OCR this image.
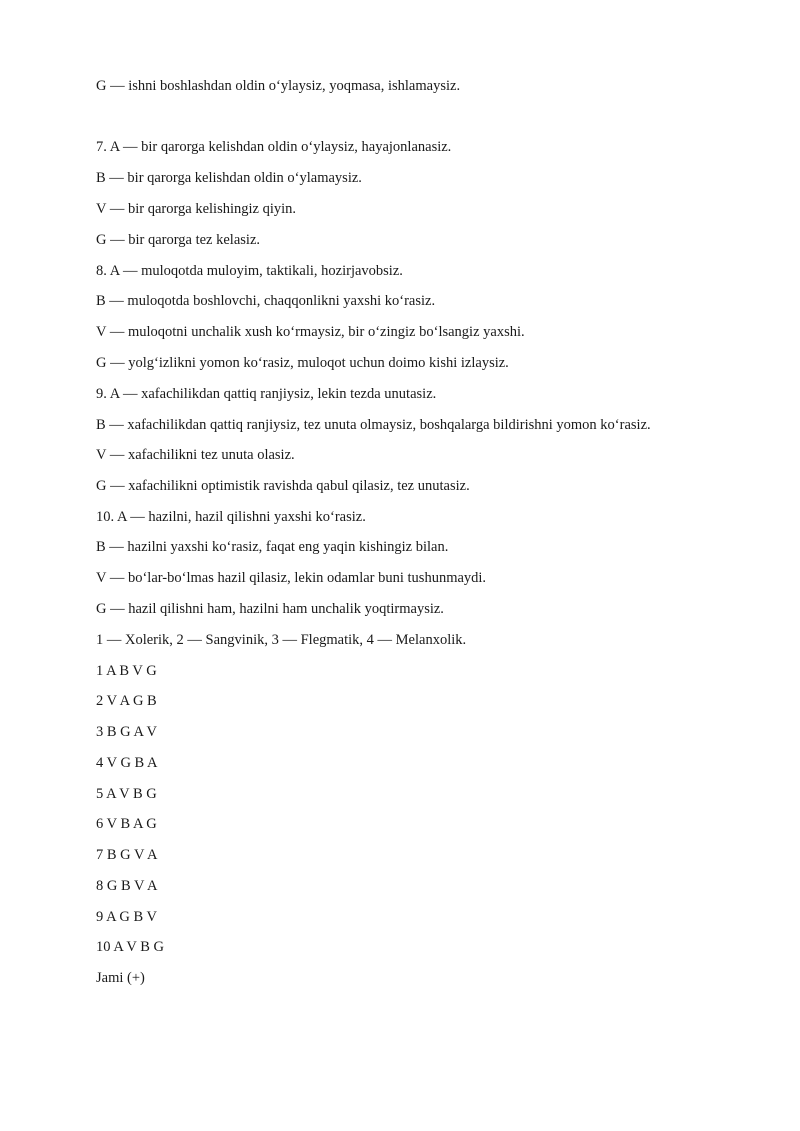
G — ishni boshlashdan oldin o‘ylaysiz, yoqmasa, ishlamaysiz.
7. A — bir qarorga kelishdan oldin o‘ylaysiz, hayajonlanasiz.
B — bir qarorga kelishdan oldin o‘ylamaysiz.
V — bir qarorga kelishingiz qiyin.
G — bir qarorga tez kelasiz.
8. A — muloqotda muloyim, taktikali, hozirjavobsiz.
B — muloqotda boshlovchi, chaqqonlikni yaxshi ko‘rasiz.
V — muloqotni unchalik xush ko‘rmaysiz, bir o‘zingiz bo‘lsangiz yaxshi.
G — yolg‘izlikni yomon ko‘rasiz, muloqot uchun doimo kishi izlaysiz.
9. A — xafachilikdan qattiq ranjiysiz, lekin tezda unutasiz.
B — xafachilikdan qattiq ranjiysiz, tez unuta olmaysiz, boshqalarga bildirishni yomon ko‘rasiz.
V — xafachilikni tez unuta olasiz.
G — xafachilikni optimistik ravishda qabul qilasiz, tez unutasiz.
10. A — hazilni, hazil qilishni yaxshi ko‘rasiz.
B — hazilni yaxshi ko‘rasiz, faqat eng yaqin kishingiz bilan.
V — bo‘lar-bo‘lmas hazil qilasiz, lekin odamlar buni tushunmaydi.
G — hazil qilishni ham, hazilni ham unchalik yoqtirmaysiz.
1 — Xolerik, 2 — Sangvinik, 3 — Flegmatik, 4 — Melanxolik.
1 A B V G
2 V A G B
3 B G A V
4 V G B A
5 A V B G
6 V B A G
7 B G V A
8 G B V A
9 A G B V
10 A V B G
Jami (+)
